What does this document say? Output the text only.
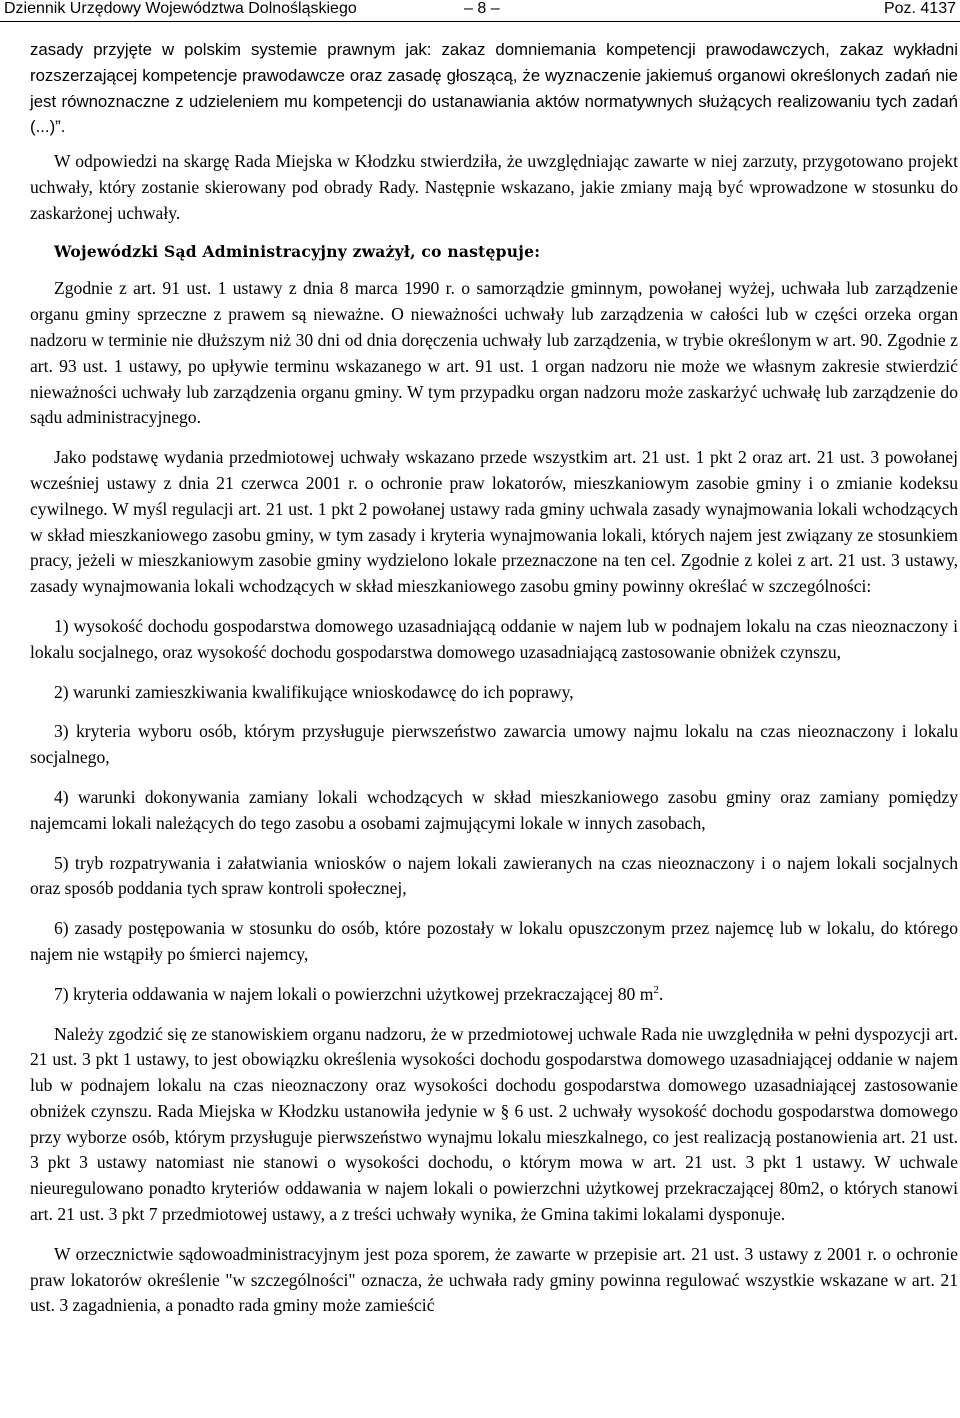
Dziennik Urzędowy Województwa Dolnośląskiego	– 8 –	Poz. 4137

zasady przyjęte w polskim systemie prawnym jak: zakaz domniemania kompetencji prawodawczych, zakaz wykładni rozszerzającej kompetencje prawodawcze oraz zasadę głoszącą, że wyznaczenie jakiemuś organowi określonych zadań nie jest równoznaczne z udzieleniem mu kompetencji do ustanawiania aktów normatywnych służących realizowaniu tych zadań (...)”.

W odpowiedzi na skargę Rada Miejska w Kłodzku stwierdziła, że uwzględniając zawarte w niej zarzuty, przygotowano projekt uchwały, który zostanie skierowany pod obrady Rady. Następnie wskazano, jakie zmiany mają być wprowadzone w stosunku do zaskarżonej uchwały.

Wojewódzki Sąd Administracyjny zważył, co następuje:

Zgodnie z art. 91 ust. 1 ustawy z dnia 8 marca 1990 r. o samorządzie gminnym, powołanej wyżej, uchwała lub zarządzenie organu gminy sprzeczne z prawem są nieważne. O nieważności uchwały lub zarządzenia w całości lub w części orzeka organ nadzoru w terminie nie dłuższym niż 30 dni od dnia doręczenia uchwały lub zarządzenia, w trybie określonym w art. 90. Zgodnie z art. 93 ust. 1 ustawy, po upływie terminu wskazanego w art. 91 ust. 1 organ nadzoru nie może we własnym zakresie stwierdzić nieważności uchwały lub zarządzenia organu gminy. W tym przypadku organ nadzoru może zaskarżyć uchwałę lub zarządzenie do sądu administracyjnego.

Jako podstawę wydania przedmiotowej uchwały wskazano przede wszystkim art. 21 ust. 1 pkt 2 oraz art. 21 ust. 3 powołanej wcześniej ustawy z dnia 21 czerwca 2001 r. o ochronie praw lokatorów, mieszkaniowym zasobie gminy i o zmianie kodeksu cywilnego. W myśl regulacji art. 21 ust. 1 pkt 2 powołanej ustawy rada gminy uchwala zasady wynajmowania lokali wchodzących w skład mieszkaniowego zasobu gminy, w tym zasady i kryteria wynajmowania lokali, których najem jest związany ze stosunkiem pracy, jeżeli w mieszkaniowym zasobie gminy wydzielono lokale przeznaczone na ten cel. Zgodnie z kolei z art. 21 ust. 3 ustawy, zasady wynajmowania lokali wchodzących w skład mieszkaniowego zasobu gminy powinny określać w szczególności:

1) wysokość dochodu gospodarstwa domowego uzasadniającą oddanie w najem lub w podnajem lokalu na czas nieoznaczony i lokalu socjalnego, oraz wysokość dochodu gospodarstwa domowego uzasadniającą zastosowanie obniżek czynszu,

2) warunki zamieszkiwania kwalifikujące wnioskodawcę do ich poprawy,

3) kryteria wyboru osób, którym przysługuje pierwszeństwo zawarcia umowy najmu lokalu na czas nieoznaczony i lokalu socjalnego,

4) warunki dokonywania zamiany lokali wchodzących w skład mieszkaniowego zasobu gminy oraz zamiany pomiędzy najemcami lokali należących do tego zasobu a osobami zajmującymi lokale w innych zasobach,

5) tryb rozpatrywania i załatwiania wniosków o najem lokali zawieranych na czas nieoznaczony i o najem lokali socjalnych oraz sposób poddania tych spraw kontroli społecznej,

6) zasady postępowania w stosunku do osób, które pozostały w lokalu opuszczonym przez najemcę lub w lokalu, do którego najem nie wstąpiły po śmierci najemcy,

7) kryteria oddawania w najem lokali o powierzchni użytkowej przekraczającej 80 $m^2$.

Należy zgodzić się ze stanowiskiem organu nadzoru, że w przedmiotowej uchwale Rada nie uwzględniła w pełni dyspozycji art. 21 ust. 3 pkt 1 ustawy, to jest obowiązku określenia wysokości dochodu gospodarstwa domowego uzasadniającej oddanie w najem lub w podnajem lokalu na czas nieoznaczony oraz wysokości dochodu gospodarstwa domowego uzasadniającej zastosowanie obniżek czynszu. Rada Miejska w Kłodzku ustanowiła jedynie w § 6 ust. 2 uchwały wysokość dochodu gospodarstwa domowego przy wyborze osób, którym przysługuje pierwszeństwo wynajmu lokalu mieszkalnego, co jest realizacją postanowienia art. 21 ust. 3 pkt 3 ustawy natomiast nie stanowi o wysokości dochodu, o którym mowa w art. 21 ust. 3 pkt 1 ustawy. W uchwale nieuregulowano ponadto kryteriów oddawania w najem lokali o powierzchni użytkowej przekraczającej 80m2, o których stanowi art. 21 ust. 3 pkt 7 przedmiotowej ustawy, a z treści uchwały wynika, że Gmina takimi lokalami dysponuje.

W orzecznictwie sądowoadministracyjnym jest poza sporem, że zawarte w przepisie art. 21 ust. 3 ustawy z 2001 r. o ochronie praw lokatorów określenie "w szczególności" oznacza, że uchwała rady gminy powinna regulować wszystkie wskazane w art. 21 ust. 3 zagadnienia, a ponadto rada gminy może zamieścić
